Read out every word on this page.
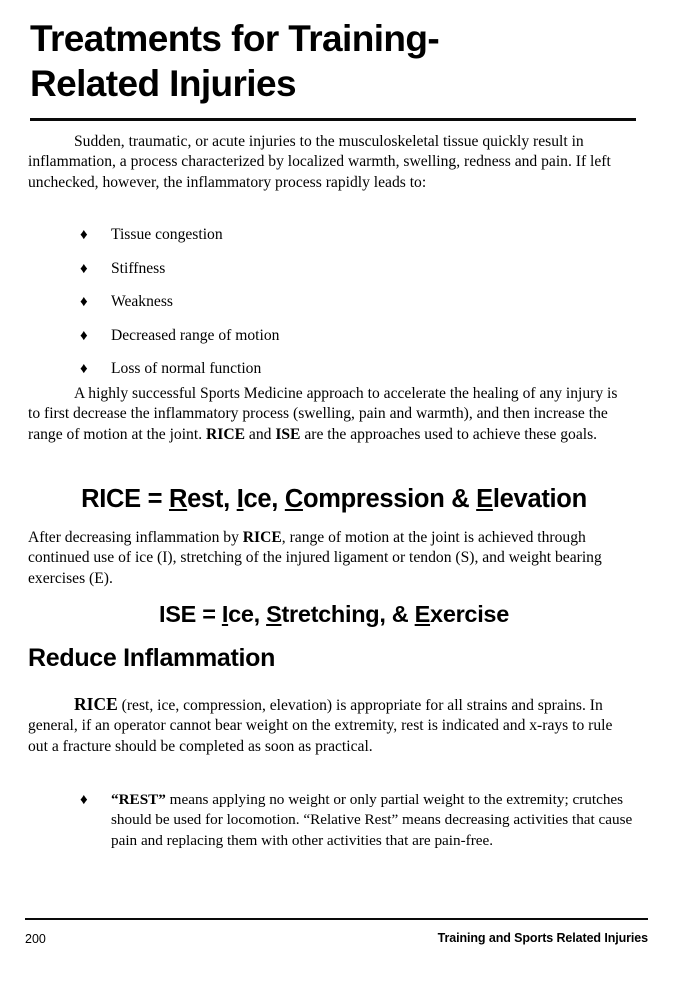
Treatments for Training-
Related Injuries
Sudden, traumatic, or acute injuries to the musculoskeletal tissue quickly result in inflammation, a process characterized by localized warmth, swelling, redness and pain. If left unchecked, however, the inflammatory process rapidly leads to:
♦	Tissue congestion
♦	Stiffness
♦	Weakness
♦	Decreased range of motion
♦	Loss of normal function
A highly successful Sports Medicine approach to accelerate the healing of any injury is to first decrease the inflammatory process (swelling, pain and warmth), and then increase the range of motion at the joint. RICE and ISE are the approaches used to achieve these goals.
RICE = Rest, Ice, Compression & Elevation
After decreasing inflammation by RICE, range of motion at the joint is achieved through continued use of ice (I), stretching of the injured ligament or tendon (S), and weight bearing exercises (E).
ISE = Ice, Stretching, & Exercise
Reduce Inflammation
RICE (rest, ice, compression, elevation) is appropriate for all strains and sprains. In general, if an operator cannot bear weight on the extremity, rest is indicated and x-rays to rule out a fracture should be completed as soon as practical.
♦	“REST” means applying no weight or only partial weight to the extremity; crutches should be used for locomotion. “Relative Rest” means decreasing activities that cause pain and replacing them with other activities that are pain-free.
200	Training and Sports Related Injuries
